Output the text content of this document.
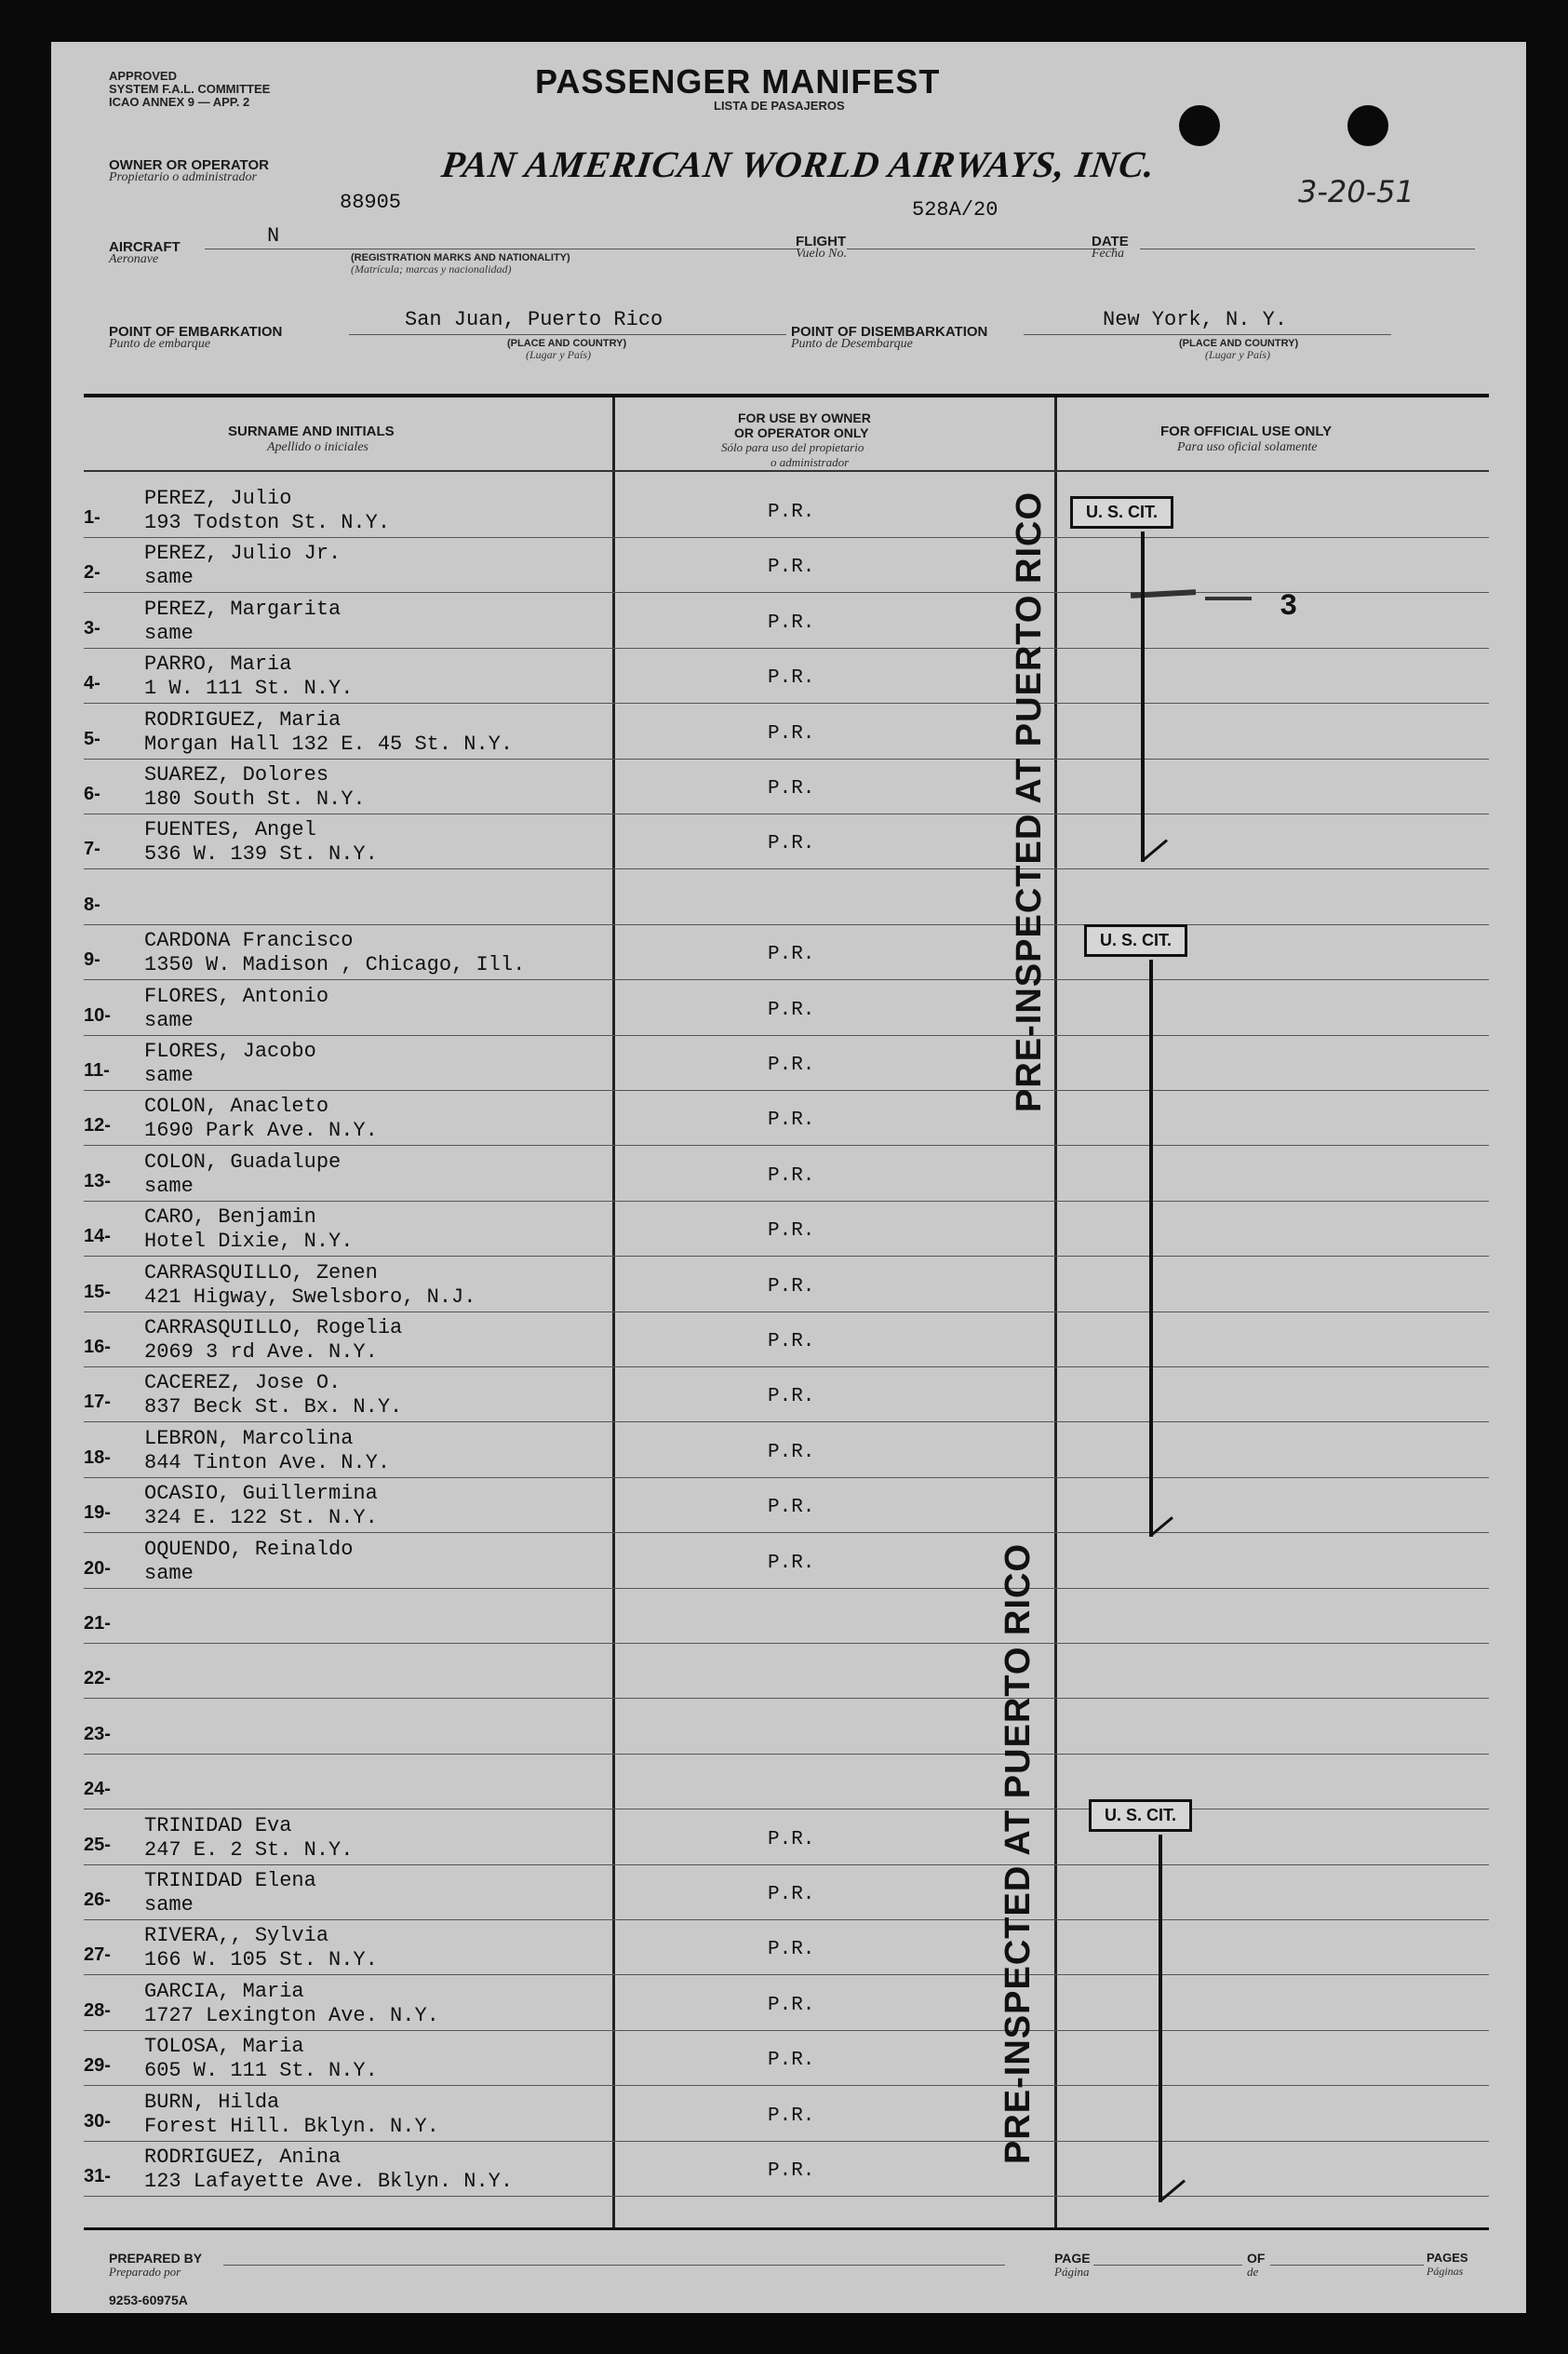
APPROVED
SYSTEM F.A.L. COMMITTEE
ICAO ANNEX 9 — APP. 2
PASSENGER MANIFEST
LISTA DE PASAJEROS
OWNER OR OPERATOR
Propietario o administrador	PAN AMERICAN WORLD AIRWAYS, INC.
88905
AIRCRAFT
Aeronave
N
(REGISTRATION MARKS AND NATIONALITY)
(Matrícula; marcas y nacionalidad)
528A/20
FLIGHT
Vuelo No.
DATE
Fecha
3-20-51
POINT OF EMBARKATION
Punto de embarque
San Juan, Puerto Rico
(PLACE AND COUNTRY)
(Lugar y País)
POINT OF DISEMBARKATION
Punto de Desembarque
New York, N. Y.
(PLACE AND COUNTRY)
(Lugar y País)
SURNAME AND INITIALS
Apellido o iniciales
FOR USE BY OWNER
OR OPERATOR ONLY
Sólo para uso del propietario
o administrador
FOR OFFICIAL USE ONLY
Para uso oficial solamente
1-
PEREZ, Julio
193 Todston St. N.Y.	P.R.
2-
PEREZ, Julio Jr.
same	P.R.
3-
PEREZ, Margarita
same	P.R.
4-
PARRO, Maria
1 W. 111 St. N.Y.	P.R.
5-
RODRIGUEZ, Maria
Morgan Hall 132 E. 45 St. N.Y.	P.R.
6-
SUAREZ, Dolores
180 South St. N.Y.	P.R.
7-
FUENTES, Angel
536 W. 139 St. N.Y.	P.R.
8-
9-
CARDONA Francisco
1350 W. Madison , Chicago, Ill.	P.R.
10-
FLORES, Antonio
same	P.R.
11-
FLORES, Jacobo
same	P.R.
12-
COLON, Anacleto
1690 Park Ave. N.Y.	P.R.
13-
COLON, Guadalupe
same	P.R.
14-
CARO, Benjamin
Hotel Dixie, N.Y.	P.R.
15-
CARRASQUILLO, Zenen
421 Higway, Swelsboro, N.J.	P.R.
16-
CARRASQUILLO, Rogelia
2069 3 rd Ave. N.Y.	P.R.
17-
CACEREZ, Jose O.
837 Beck St. Bx. N.Y.	P.R.
18-
LEBRON, Marcolina
844 Tinton Ave. N.Y.	P.R.
19-
OCASIO, Guillermina
324 E. 122 St. N.Y.	P.R.
20-
OQUENDO, Reinaldo
same	P.R.
21-
22-
23-
24-
25-
TRINIDAD Eva
247 E. 2 St. N.Y.	P.R.
26-
TRINIDAD Elena
same	P.R.
27-
RIVERA,, Sylvia
166 W. 105 St. N.Y.	P.R.
28-
GARCIA, Maria
1727 Lexington Ave. N.Y.	P.R.
29-
TOLOSA, Maria
605 W. 111 St. N.Y.	P.R.
30-
BURN, Hilda
Forest Hill. Bklyn. N.Y.	P.R.
31-
RODRIGUEZ, Anina
123 Lafayette Ave. Bklyn. N.Y.	P.R.
3
U. S. CIT.
U. S. CIT.
U. S. CIT.
PRE-INSPECTED AT PUERTO RICO
PRE-INSPECTED AT PUERTO RICO
PREPARED BY
Preparado por
PAGE
Página
OF
de
PAGES
Páginas
9253-60975A
